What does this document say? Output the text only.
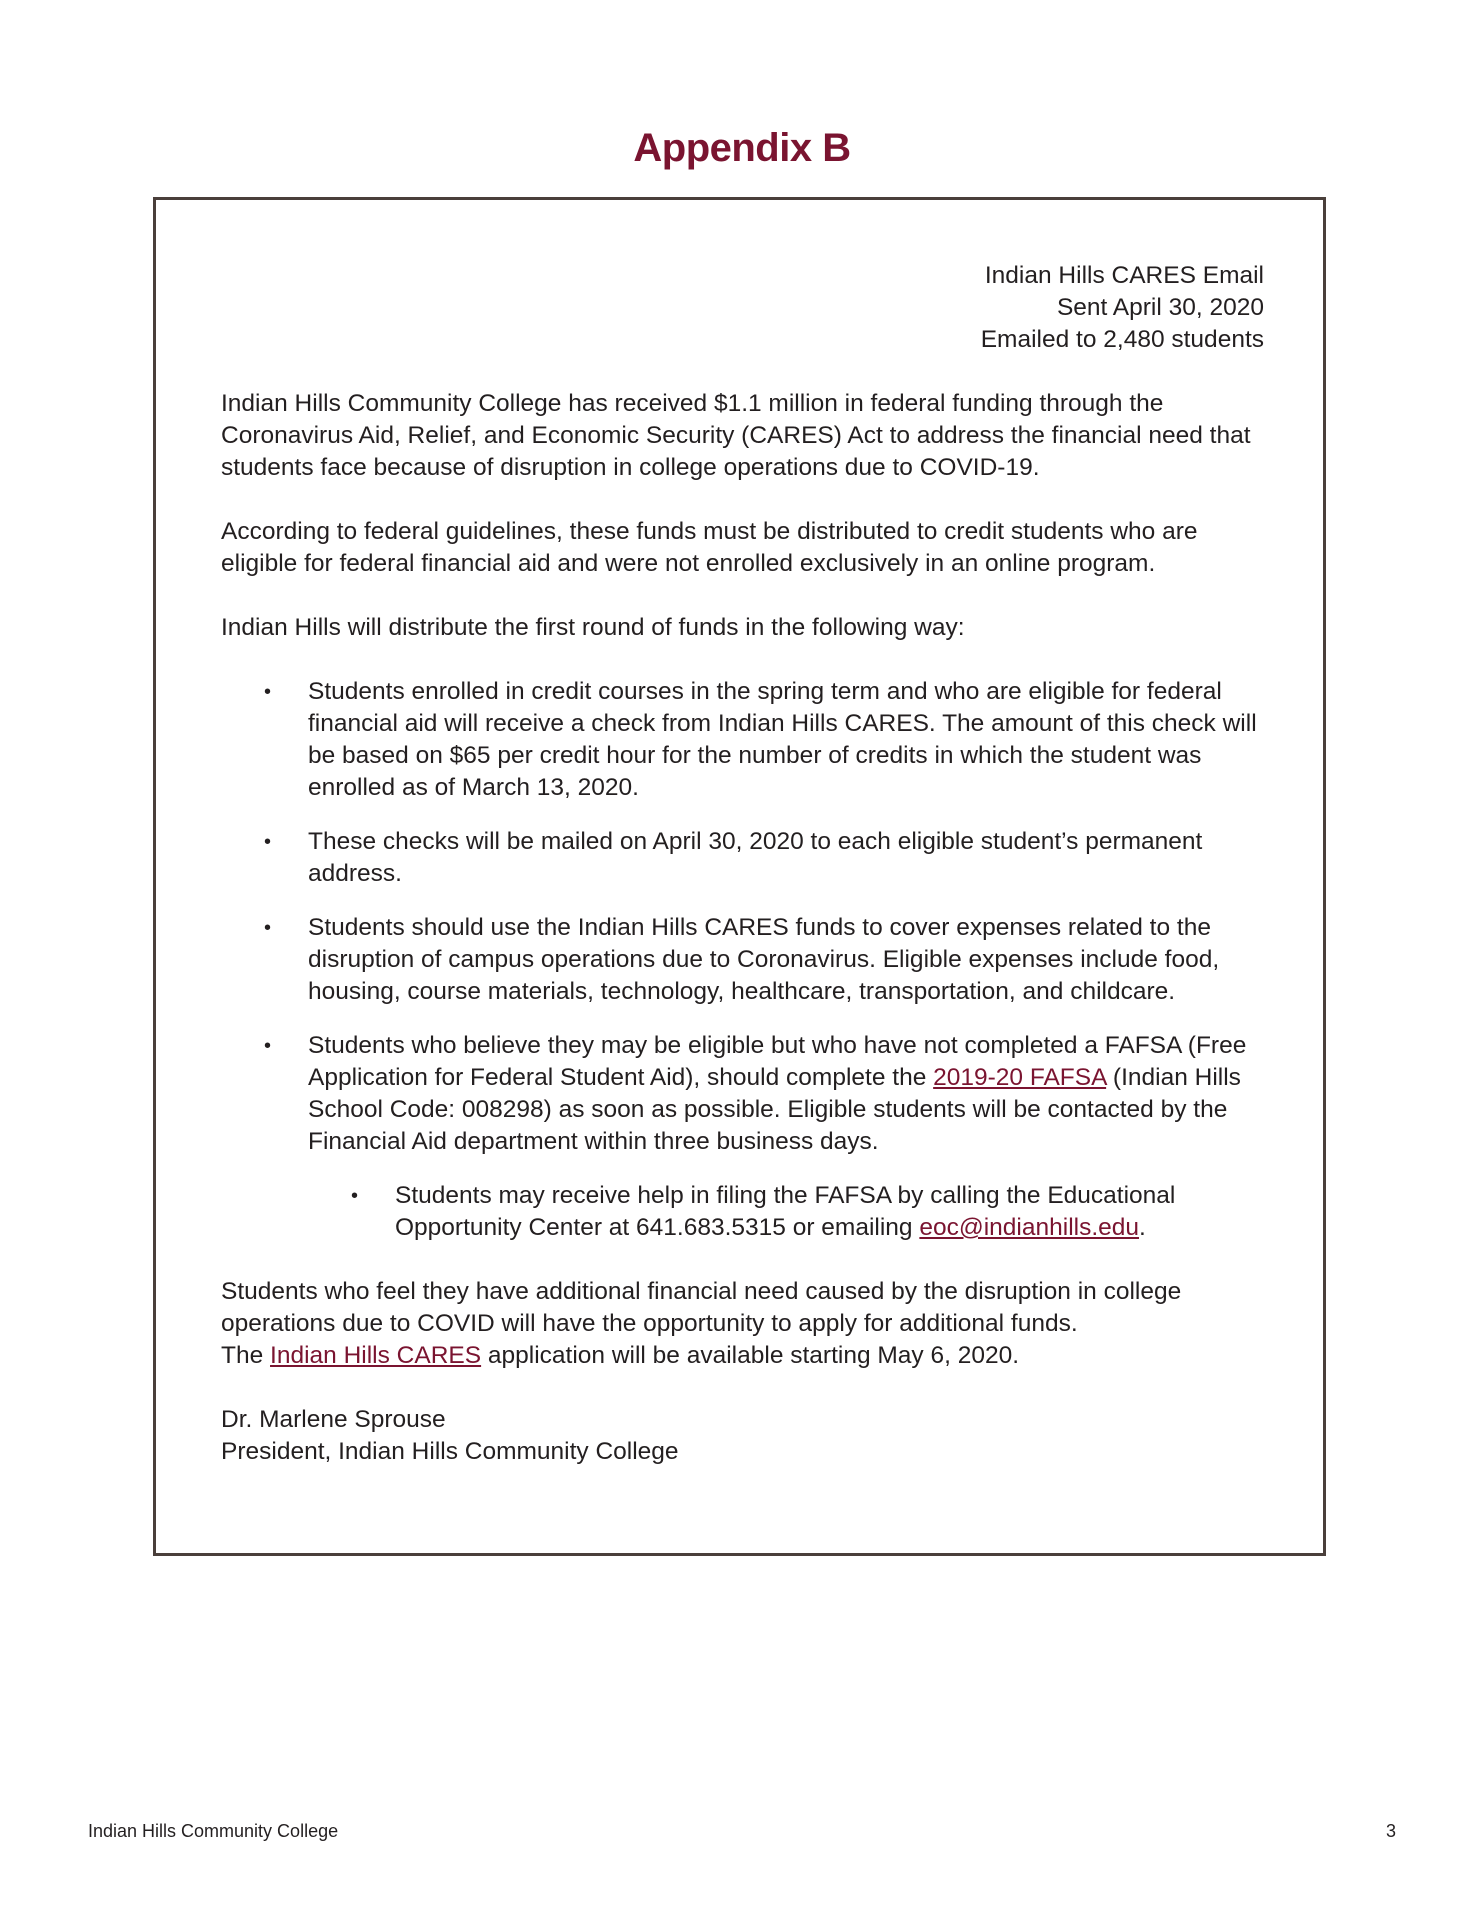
Appendix B
Indian Hills CARES Email
Sent April 30, 2020
Emailed to 2,480 students

Indian Hills Community College has received $1.1 million in federal funding through the Coronavirus Aid, Relief, and Economic Security (CARES) Act to address the financial need that students face because of disruption in college operations due to COVID-19.

According to federal guidelines, these funds must be distributed to credit students who are eligible for federal financial aid and were not enrolled exclusively in an online program.

Indian Hills will distribute the first round of funds in the following way:

• Students enrolled in credit courses in the spring term and who are eligible for federal financial aid will receive a check from Indian Hills CARES. The amount of this check will be based on $65 per credit hour for the number of credits in which the student was enrolled as of March 13, 2020.
• These checks will be mailed on April 30, 2020 to each eligible student’s permanent address.
• Students should use the Indian Hills CARES funds to cover expenses related to the disruption of campus operations due to Coronavirus. Eligible expenses include food, housing, course materials, technology, healthcare, transportation, and childcare.
• Students who believe they may be eligible but who have not completed a FAFSA (Free Application for Federal Student Aid), should complete the 2019-20 FAFSA (Indian Hills School Code: 008298) as soon as possible. Eligible students will be contacted by the Financial Aid department within three business days.
• Students may receive help in filing the FAFSA by calling the Educational Opportunity Center at 641.683.5315 or emailing eoc@indianhills.edu.

Students who feel they have additional financial need caused by the disruption in college operations due to COVID will have the opportunity to apply for additional funds.
The Indian Hills CARES application will be available starting May 6, 2020.

Dr. Marlene Sprouse
President, Indian Hills Community College
Indian Hills Community College	3
